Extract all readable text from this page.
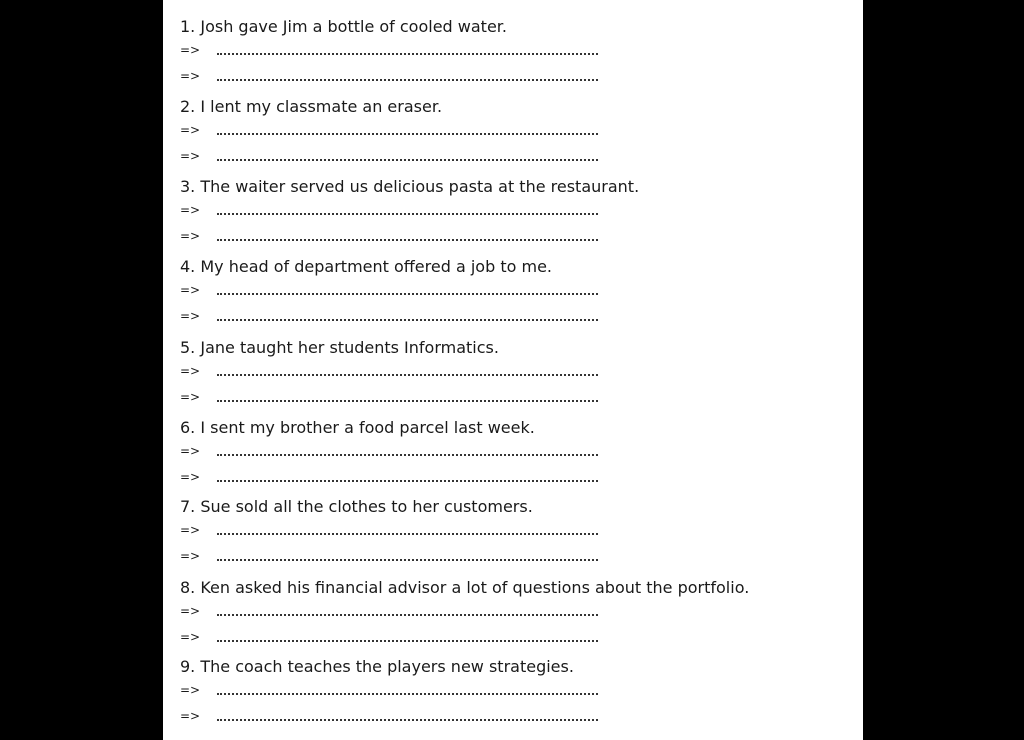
1. Josh gave Jim a bottle of cooled water.
=>
=>
2. I lent my classmate an eraser.
=>
=>
3. The waiter served us delicious pasta at the restaurant.
=>
=>
4. My head of department offered a job to me.
=>
=>
5. Jane taught her students Informatics.
=>
=>
6. I sent my brother a food parcel last week.
=>
=>
7. Sue sold all the clothes to her customers.
=>
=>
8. Ken asked his financial advisor a lot of questions about the portfolio.
=>
=>
9. The coach teaches the players new strategies.
=>
=>
